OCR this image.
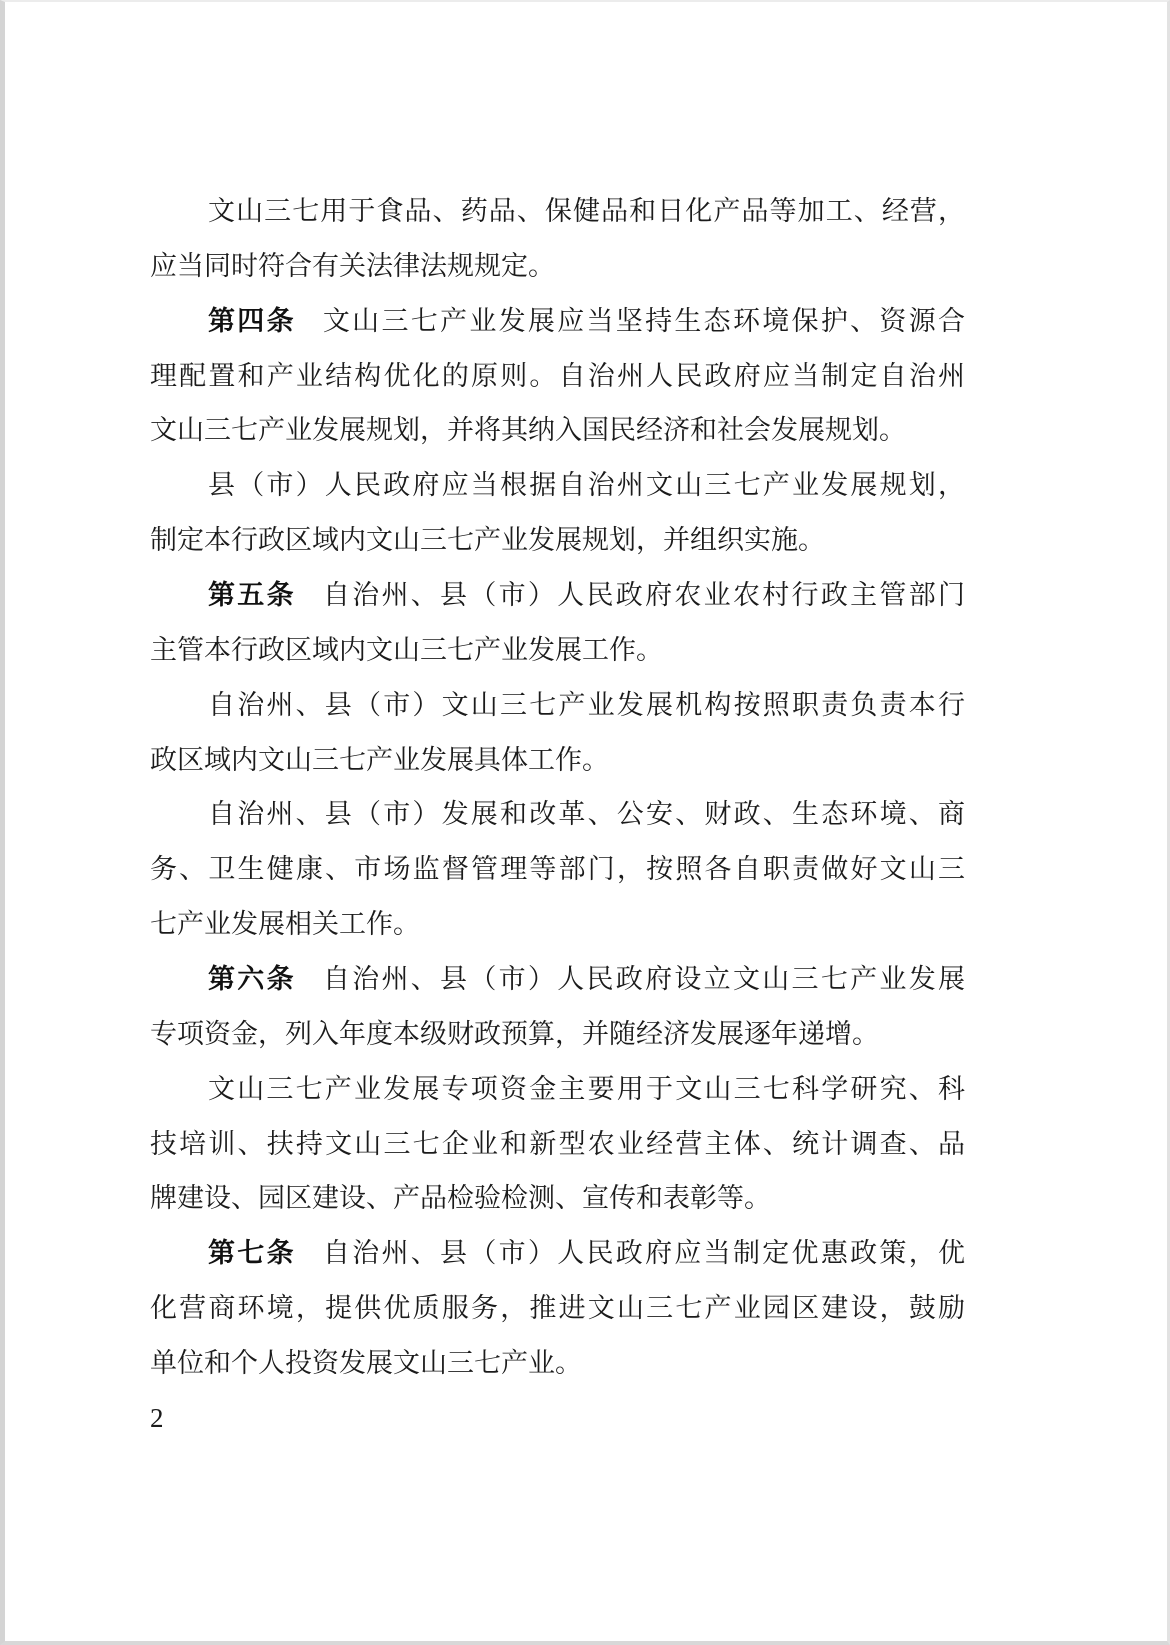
文山三七用于食品、药品、保健品和日化产品等加工、经营，
应当同时符合有关法律法规规定。
第四条 文山三七产业发展应当坚持生态环境保护、资源合
理配置和产业结构优化的原则。自治州人民政府应当制定自治州
文山三七产业发展规划，并将其纳入国民经济和社会发展规划。
县（市）人民政府应当根据自治州文山三七产业发展规划，
制定本行政区域内文山三七产业发展规划，并组织实施。
第五条 自治州、县（市）人民政府农业农村行政主管部门
主管本行政区域内文山三七产业发展工作。
自治州、县（市）文山三七产业发展机构按照职责负责本行
政区域内文山三七产业发展具体工作。
自治州、县（市）发展和改革、公安、财政、生态环境、商
务、卫生健康、市场监督管理等部门，按照各自职责做好文山三
七产业发展相关工作。
第六条 自治州、县（市）人民政府设立文山三七产业发展
专项资金，列入年度本级财政预算，并随经济发展逐年递增。
文山三七产业发展专项资金主要用于文山三七科学研究、科
技培训、扶持文山三七企业和新型农业经营主体、统计调查、品
牌建设、园区建设、产品检验检测、宣传和表彰等。
第七条 自治州、县（市）人民政府应当制定优惠政策，优
化营商环境，提供优质服务，推进文山三七产业园区建设，鼓励
单位和个人投资发展文山三七产业。
2
